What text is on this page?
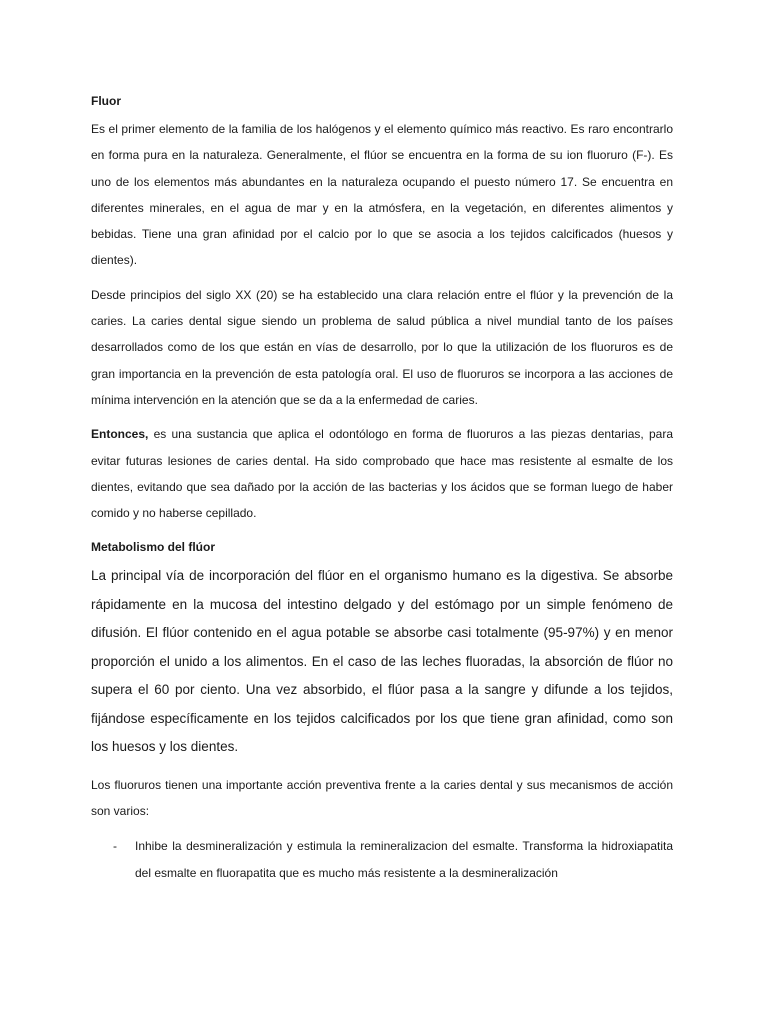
Fluor

Es el primer elemento de la familia de los halógenos y el elemento químico más reactivo. Es raro encontrarlo en forma pura en la naturaleza. Generalmente, el flúor se encuentra en la forma de su ion fluoruro (F-). Es uno de los elementos más abundantes en la naturaleza ocupando el puesto número 17. Se encuentra en diferentes minerales, en el agua de mar y en la atmósfera, en la vegetación, en diferentes alimentos y bebidas. Tiene una gran afinidad por el calcio por lo que se asocia a los tejidos calcificados (huesos y dientes).

Desde principios del siglo XX (20) se ha establecido una clara relación entre el flúor y la prevención de la caries. La caries dental sigue siendo un problema de salud pública a nivel mundial tanto de los países desarrollados como de los que están en vías de desarrollo, por lo que la utilización de los fluoruros es de gran importancia en la prevención de esta patología oral. El uso de fluoruros se incorpora a las acciones de mínima intervención en la atención que se da a la enfermedad de caries.

Entonces, es una sustancia que aplica el odontólogo en forma de fluoruros a las piezas dentarias, para evitar futuras lesiones de caries dental. Ha sido comprobado que hace mas resistente al esmalte de los dientes, evitando que sea dañado por la acción de las bacterias y los ácidos que se forman luego de haber comido y no haberse cepillado.

Metabolismo del flúor

La principal vía de incorporación del flúor en el organismo humano es la digestiva. Se absorbe rápidamente en la mucosa del intestino delgado y del estómago por un simple fenómeno de difusión. El flúor contenido en el agua potable se absorbe casi totalmente (95-97%) y en menor proporción el unido a los alimentos. En el caso de las leches fluoradas, la absorción de flúor no supera el 60 por ciento. Una vez absorbido, el flúor pasa a la sangre y difunde a los tejidos, fijándose específicamente en los tejidos calcificados por los que tiene gran afinidad, como son los huesos y los dientes.

Los fluoruros tienen una importante acción preventiva frente a la caries dental y sus mecanismos de acción son varios:

- Inhibe la desmineralización y estimula la remineralizacion del esmalte. Transforma la hidroxiapatita del esmalte en fluorapatita que es mucho más resistente a la desmineralización
